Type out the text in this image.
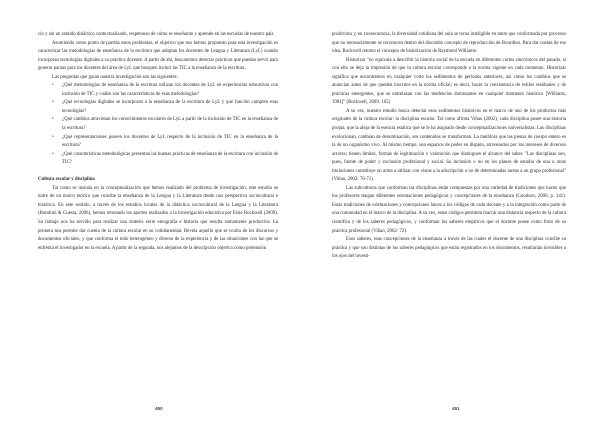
cio y sin un sentido didáctico contextualizado, respetuoso de cómo se enseñaran y aprende en las escuelas de nuestro país.

Asumiendo como punto de partida estos problemas, el objetivo que nos hemos propuesto para esta investigación es caracterizar las metodologías de enseñanza de la escritura que adoptan los docentes de Lengua y Literatura (LyL) cuando incorporan tecnologías digitales a su práctica docente. A partir de ahí, buscaremos detectar prácticas que puedan servir para generar pautas para los docentes del área de LyL que busquen incluir las TIC a la enseñanza de la escritura.

Las preguntas que guían nuestra investigación son las siguientes:

• ¿Qué metodologías de enseñanza de la escritura utilizan los docentes de LyL en experiencias educativas con inclusión de TIC y cuáles son las características de esas metodologías?
• ¿Qué tecnologías digitales se incorporan a la enseñanza de la escritura de LyL y qué función cumplen esas tecnologías?
• ¿Qué cambios atraviesan los conocimientos escolares de LyL a partir de la inclusión de TIC en la enseñanza de la escritura?
• ¿Qué representaciones poseen los docentes de LyL respecto de la inclusión de TIC en la enseñanza de la escritura?
• ¿Qué características metodológicas presentan las buenas prácticas de enseñanza de la escritura con inclusión de TIC?

Cultura escolar y disciplina

Tal como se insinúa en la conceptualización que hemos realizado del problema de investigación, este estudio se nutre de un marco teórico que concibe la enseñanza de la Lengua y la Literatura desde una perspectiva sociocultural e histórica. En este sentido, a través de los estudios locales de la didáctica sociocultural de la Lengua y la Literatura (Bombini & Cuesta, 2006), hemos retomado los aportes realizados a la investigación educativa por Elsie Rockwell (2009). Su trabajo nos ha servido para realizar una síntesis entre etnografía e historia que resulta sumamente productiva. La primera nos permite dar cuenta de la cultura escolar en su cotidianeidad. Revela aquello que se oculta de los discursos y documentos oficiales, y que conforma el todo heterogéneo y diverso de la experiencia y de las situaciones con las que se enfrenta el investigador en la escuela. A partir de la segunda, nos alejamos de la descripción objetiva como pretensión

490

positivista y, en consecuencia, la diversidad cotidiana del aula se torna inteligible en tanto que conformada por procesos que no necesariamente se reconocen dentro del discutido concepto de reproducción de Bourdieu. Para dar cuenta de ese idea, Rockwell retoma el concepto de historización de Raymond Williams:

Historizar "no equivale a describir la historia social de la escuela en diferentes cortes sincrónicos del pasado, si con ello se deja la impresión de que la cultura escolar corresponde a la norma vigente en cada momento. Historizar significa que encontremos en cualquier corte los sedimentos de periodos anteriores, así como los cambios que se anuncian antes de que queden inscritos en la norma oficial; es decir, hacer la coexistencia de estilos residuales y de prácticas emergentes, que se entrelazan con las tendencias dominantes en cualquier momento histórico [Williams, 1981]" (Rockwell, 2009: 165)

A su vez, nuestro estudio busca detectar esos sedimentos históricos en el marco de uno de los productos más originales de la cultura escolar: la disciplina escolar. Tal como afirma Viñao (2002), cada disciplina posee una historia propia, que la aleja de la esencia estática que se le ha asignado desde conceptualizaciones universalistas. Las disciplinas evolucionan, cambian de denominación, sus contenidos se transforman. La metáfora que las piensa de cuerpo entero es la de un organismo vivo. Al mismo tiempo, son espacios de poder en disputa, atravesados por los intereses de diversos actores; tienen límites, formas de legitimación y valoración que distinguen el alcance del saber. "Las disciplinas son, pues, fuente de poder y exclusión profesional y social. Su inclusión o no en los planes de estudio de una u otras titulaciones constituye un arma a utilizar con vistas a la adscripción o no de determinadas tareas a un grupo profesional" (Viñao, 2002: 70-71).

Las subculturas que conforman las disciplinas están compuestas por una variedad de tradiciones que hacen que los profesores tengan diferentes orientaciones pedagógicas y concepciones de la enseñanza (Goodson, 2000, p. 141). Estas tradiciones de orientaciones y concepciones hacen a los códigos de cada docente y a la integración como parte de una comunidad en el marco de la disciplina. A su vez, estos códigos permiten marcar una distancia respecto de la cultura científica y de los saberes pedagógicos, y conforman los saberes empíricos que el docente posee como fruto de su práctica profesional (Viñao, 2002: 72).

Esos saberes, esas concepciones de la enseñanza a través de las cuales el docente de una disciplina concibe su práctica y que son distintas de los saberes pedagógicos que están registrados en los documentos, resultarían invisibles a los ojos del investi-

491
